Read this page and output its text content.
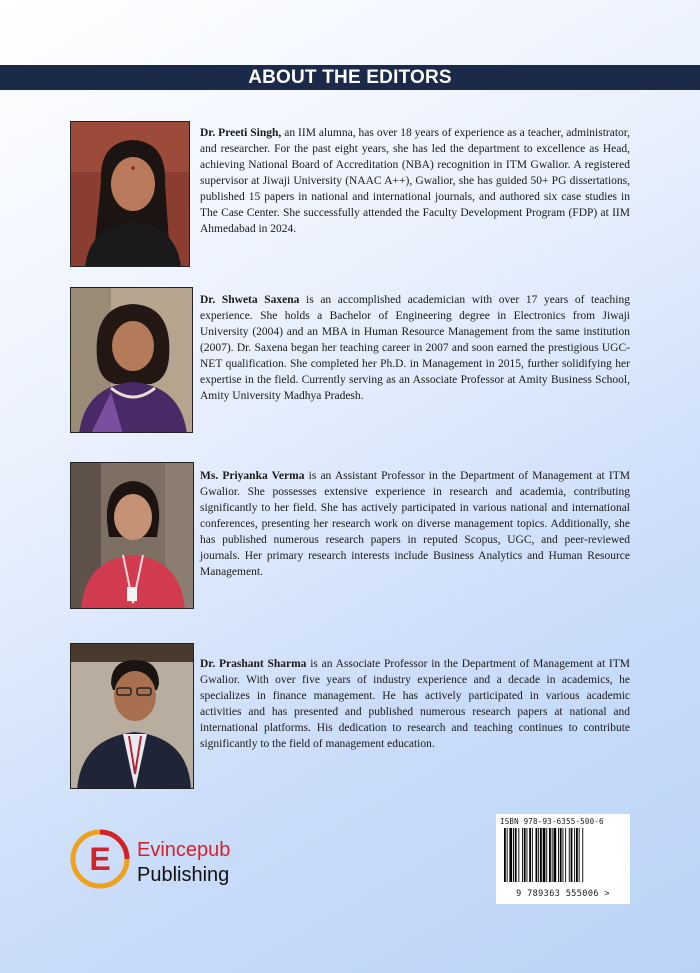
ABOUT THE EDITORS

Dr. Preeti Singh, an IIM alumna, has over 18 years of experience as a teacher, administrator, and researcher. For the past eight years, she has led the department to excellence as Head, achieving National Board of Accreditation (NBA) recognition in ITM Gwalior. A registered supervisor at Jiwaji University (NAAC A++), Gwalior, she has guided 50+ PG dissertations, published 15 papers in national and international journals, and authored six case studies in The Case Center. She successfully attended the Faculty Development Program (FDP) at IIM Ahmedabad in 2024.

Dr. Shweta Saxena is an accomplished academician with over 17 years of teaching experience. She holds a Bachelor of Engineering degree in Electronics from Jiwaji University (2004) and an MBA in Human Resource Management from the same institution (2007). Dr. Saxena began her teaching career in 2007 and soon earned the prestigious UGC-NET qualification. She completed her Ph.D. in Management in 2015, further solidifying her expertise in the field. Currently serving as an Associate Professor at Amity Business School, Amity University Madhya Pradesh.

Ms. Priyanka Verma is an Assistant Professor in the Department of Management at ITM Gwalior. She possesses extensive experience in research and academia, contributing significantly to her field. She has actively participated in various national and international conferences, presenting her research work on diverse management topics. Additionally, she has published numerous research papers in reputed Scopus, UGC, and peer-reviewed journals. Her primary research interests include Business Analytics and Human Resource Management.

Dr. Prashant Sharma is an Associate Professor in the Department of Management at ITM Gwalior. With over five years of industry experience and a decade in academics, he specializes in finance management. He has actively participated in various academic activities and has presented and published numerous research papers at national and international platforms. His dedication to research and teaching continues to contribute significantly to the field of management education.

E Evincepub
Publishing
ISBN 978-93-6355-500-6
9 789363 555006 >
